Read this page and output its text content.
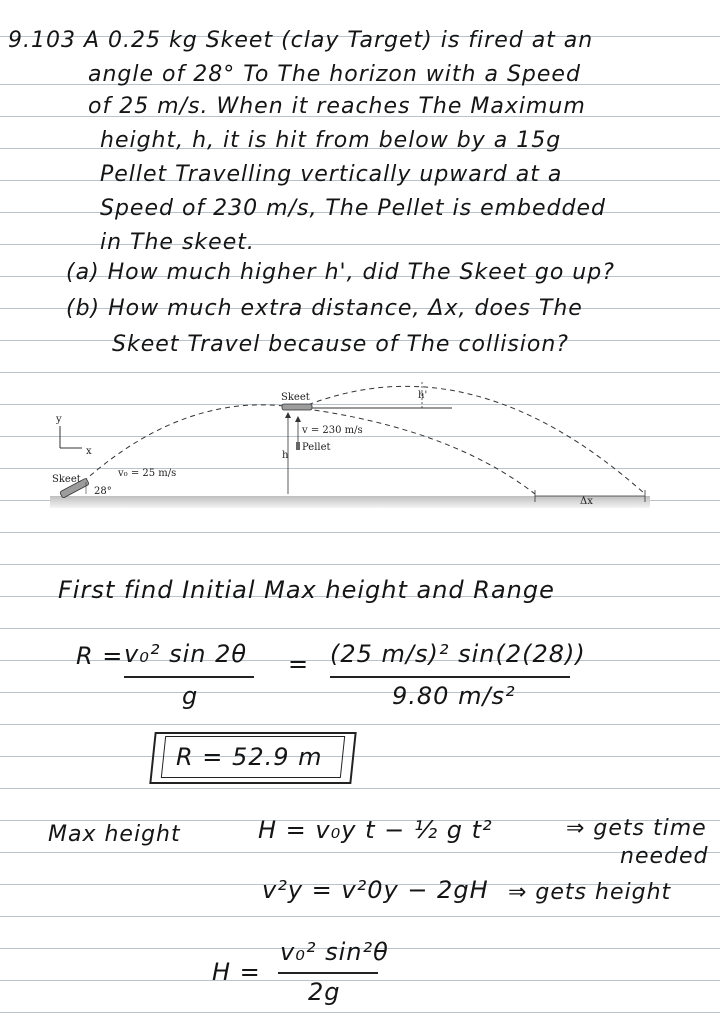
9.103 A 0.25 kg Skeet (clay Target) is fired at an
angle of 28° To The horizon with a Speed
of 25 m/s. When it reaches The Maximum
height, h, it is hit from below by a 15g
Pellet Travelling vertically upward at a
Speed of 230 m/s, The Pellet is embedded
in The skeet.
(a) How much higher h', did The Skeet go up?
(b) How much extra distance, Δx, does The
Skeet Travel because of The collision?
h'
Skeet
h
v = 230 m/s
Pellet
y
x
Skeet
28°
v₀ = 25 m/s
Δx
First find Initial Max height and Range
R = v₀² sin 2θ
g
= (25 m/s)² sin(2(28))
9.80 m/s²
R = 52.9 m
Max height	H = v₀y t − ½ g t²	⇒ gets time
needed
v²y = v²0y − 2gH ⇒ gets height
H =
v₀² sin²θ
2g
